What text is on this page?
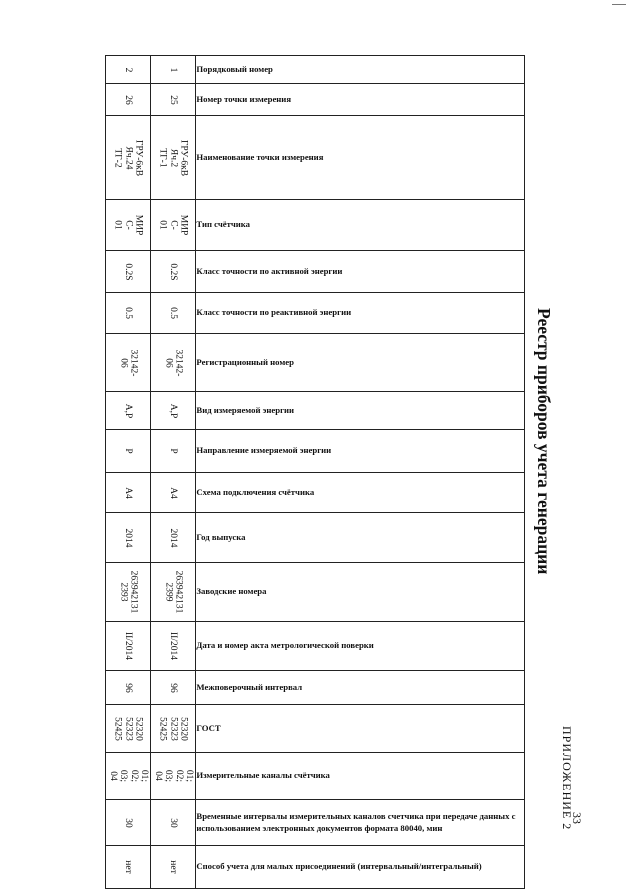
33
ПРИЛОЖЕНИЕ 2
Реестр приборов учета генерации
2	1	Порядковый номер

26	25	Номер точки измерения

ГРУ-6кВ Яч.24
ТГ-2	ГРУ-6кВ Яч.2
ТГ-1	Наименование точки измерения

МИР С-
01	МИР С-
01	Тип счётчика

0.2S	0.2S	Класс точности по активной энергии

0.5	0.5	Класс точности по реактивной энергии

32142-06	32142-06	Регистрационный номер

А,Р	А,Р	Вид измеряемой энергии

Р	Р	Направление измеряемой энергии

А4	А4	Схема подключения счётчика

2014	2014	Год выпуска

263942131
2393	263942131
2399	Заводские номера

II/2014	II/2014	Дата и номер акта метрологической поверки

96	96	Межповерочный интервал

52320
52323
52425	52320
52323
52425	ГОСТ

01;
02;
03; 04	01;
02;
03; 04	Измерительные каналы счётчика

30	30	Временные интервалы измерительных каналов счетчика при передаче данных с использованием электронных документов формата 80040, мин

нет	нет	Способ учета для малых присоединений (интервальный/интегральный)
